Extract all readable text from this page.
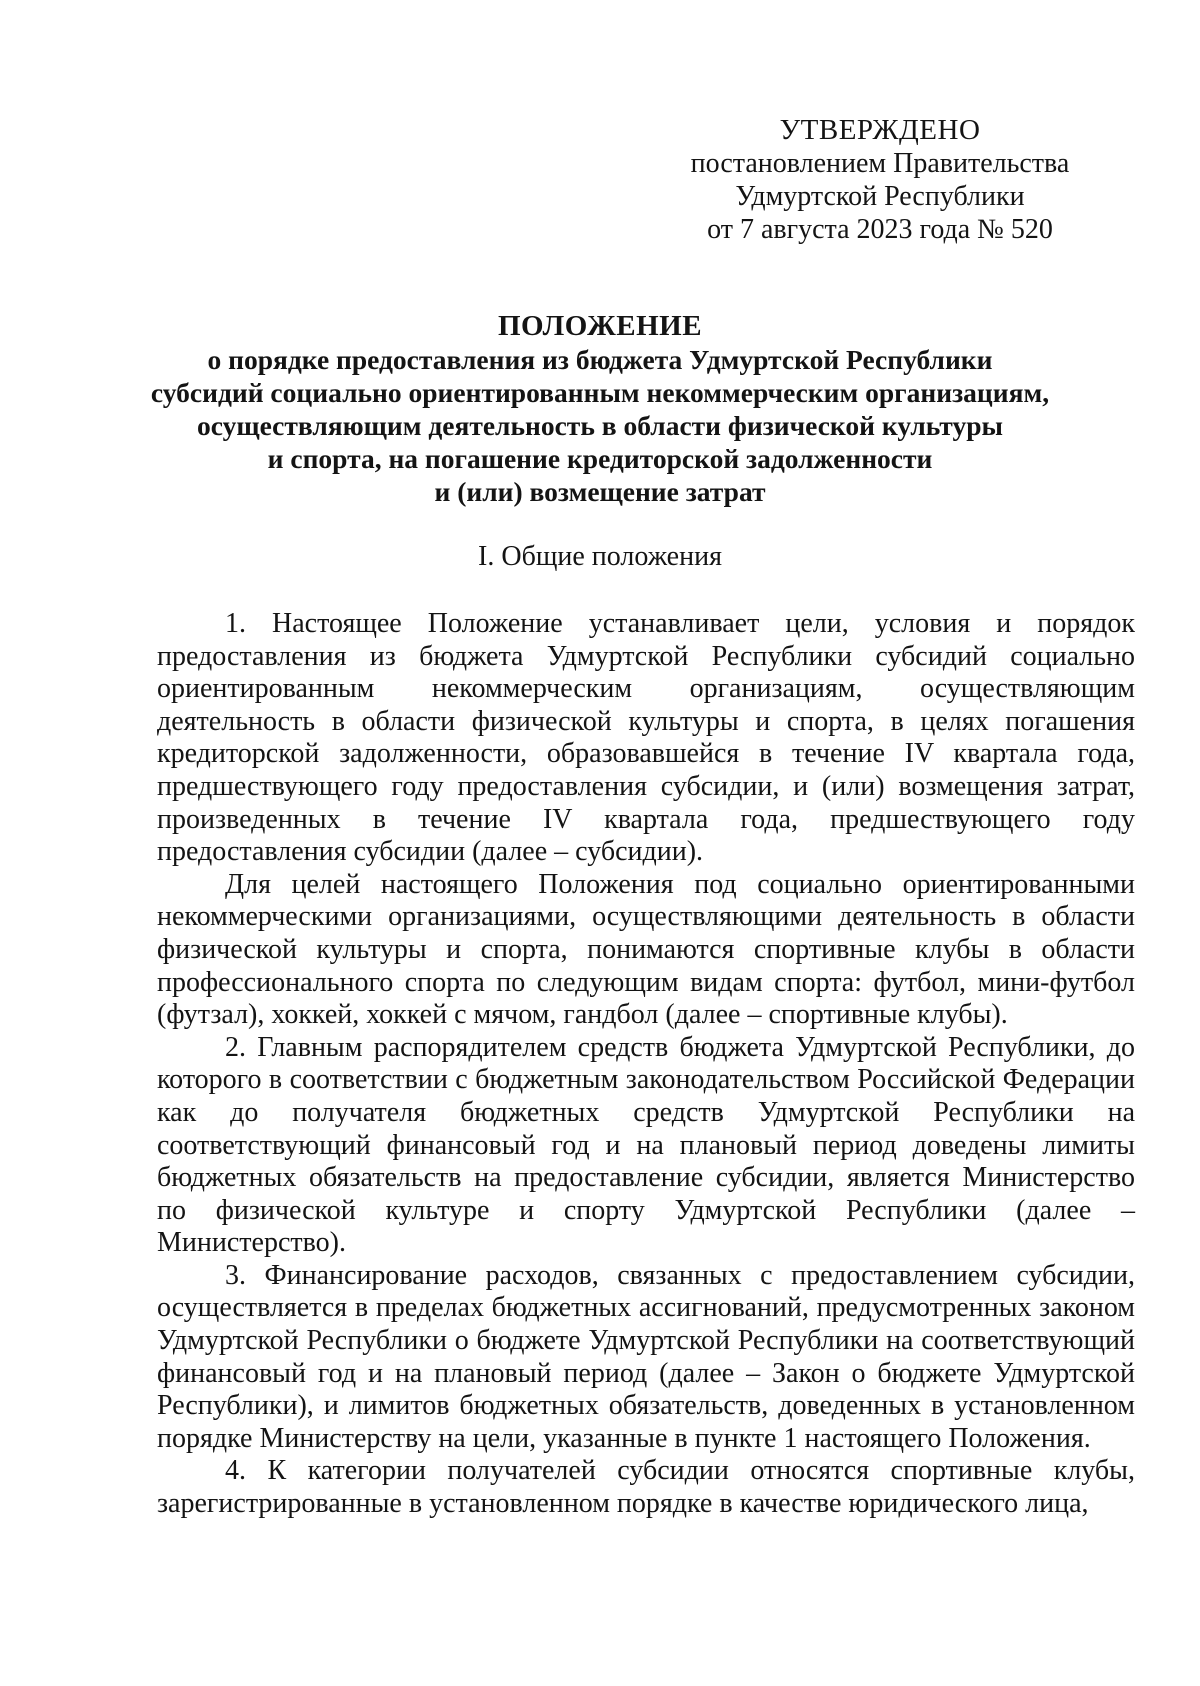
УТВЕРЖДЕНО
постановлением Правительства
Удмуртской Республики
от 7 августа 2023 года № 520
ПОЛОЖЕНИЕ
о порядке предоставления из бюджета Удмуртской Республики
субсидий социально ориентированным некоммерческим организациям,
осуществляющим деятельность в области физической культуры
и спорта, на погашение кредиторской задолженности
и (или) возмещение затрат
I. Общие положения

1. Настоящее Положение устанавливает цели, условия и порядок предоставления из бюджета Удмуртской Республики субсидий социально ориентированным некоммерческим организациям, осуществляющим деятельность в области физической культуры и спорта, в целях погашения кредиторской задолженности, образовавшейся в течение IV квартала года, предшествующего году предоставления субсидии, и (или) возмещения затрат, произведенных в течение IV квартала года, предшествующего году предоставления субсидии (далее – субсидии).

Для целей настоящего Положения под социально ориентированными некоммерческими организациями, осуществляющими деятельность в области физической культуры и спорта, понимаются спортивные клубы в области профессионального спорта по следующим видам спорта: футбол, мини-футбол (футзал), хоккей, хоккей с мячом, гандбол (далее – спортивные клубы).

2. Главным распорядителем средств бюджета Удмуртской Республики, до которого в соответствии с бюджетным законодательством Российской Федерации как до получателя бюджетных средств Удмуртской Республики на соответствующий финансовый год и на плановый период доведены лимиты бюджетных обязательств на предоставление субсидии, является Министерство по физической культуре и спорту Удмуртской Республики (далее – Министерство).

3. Финансирование расходов, связанных с предоставлением субсидии, осуществляется в пределах бюджетных ассигнований, предусмотренных законом Удмуртской Республики о бюджете Удмуртской Республики на соответствующий финансовый год и на плановый период (далее – Закон о бюджете Удмуртской Республики), и лимитов бюджетных обязательств, доведенных в установленном порядке Министерству на цели, указанные в пункте 1 настоящего Положения.

4. К категории получателей субсидии относятся спортивные клубы, зарегистрированные в установленном порядке в качестве юридического лица,
